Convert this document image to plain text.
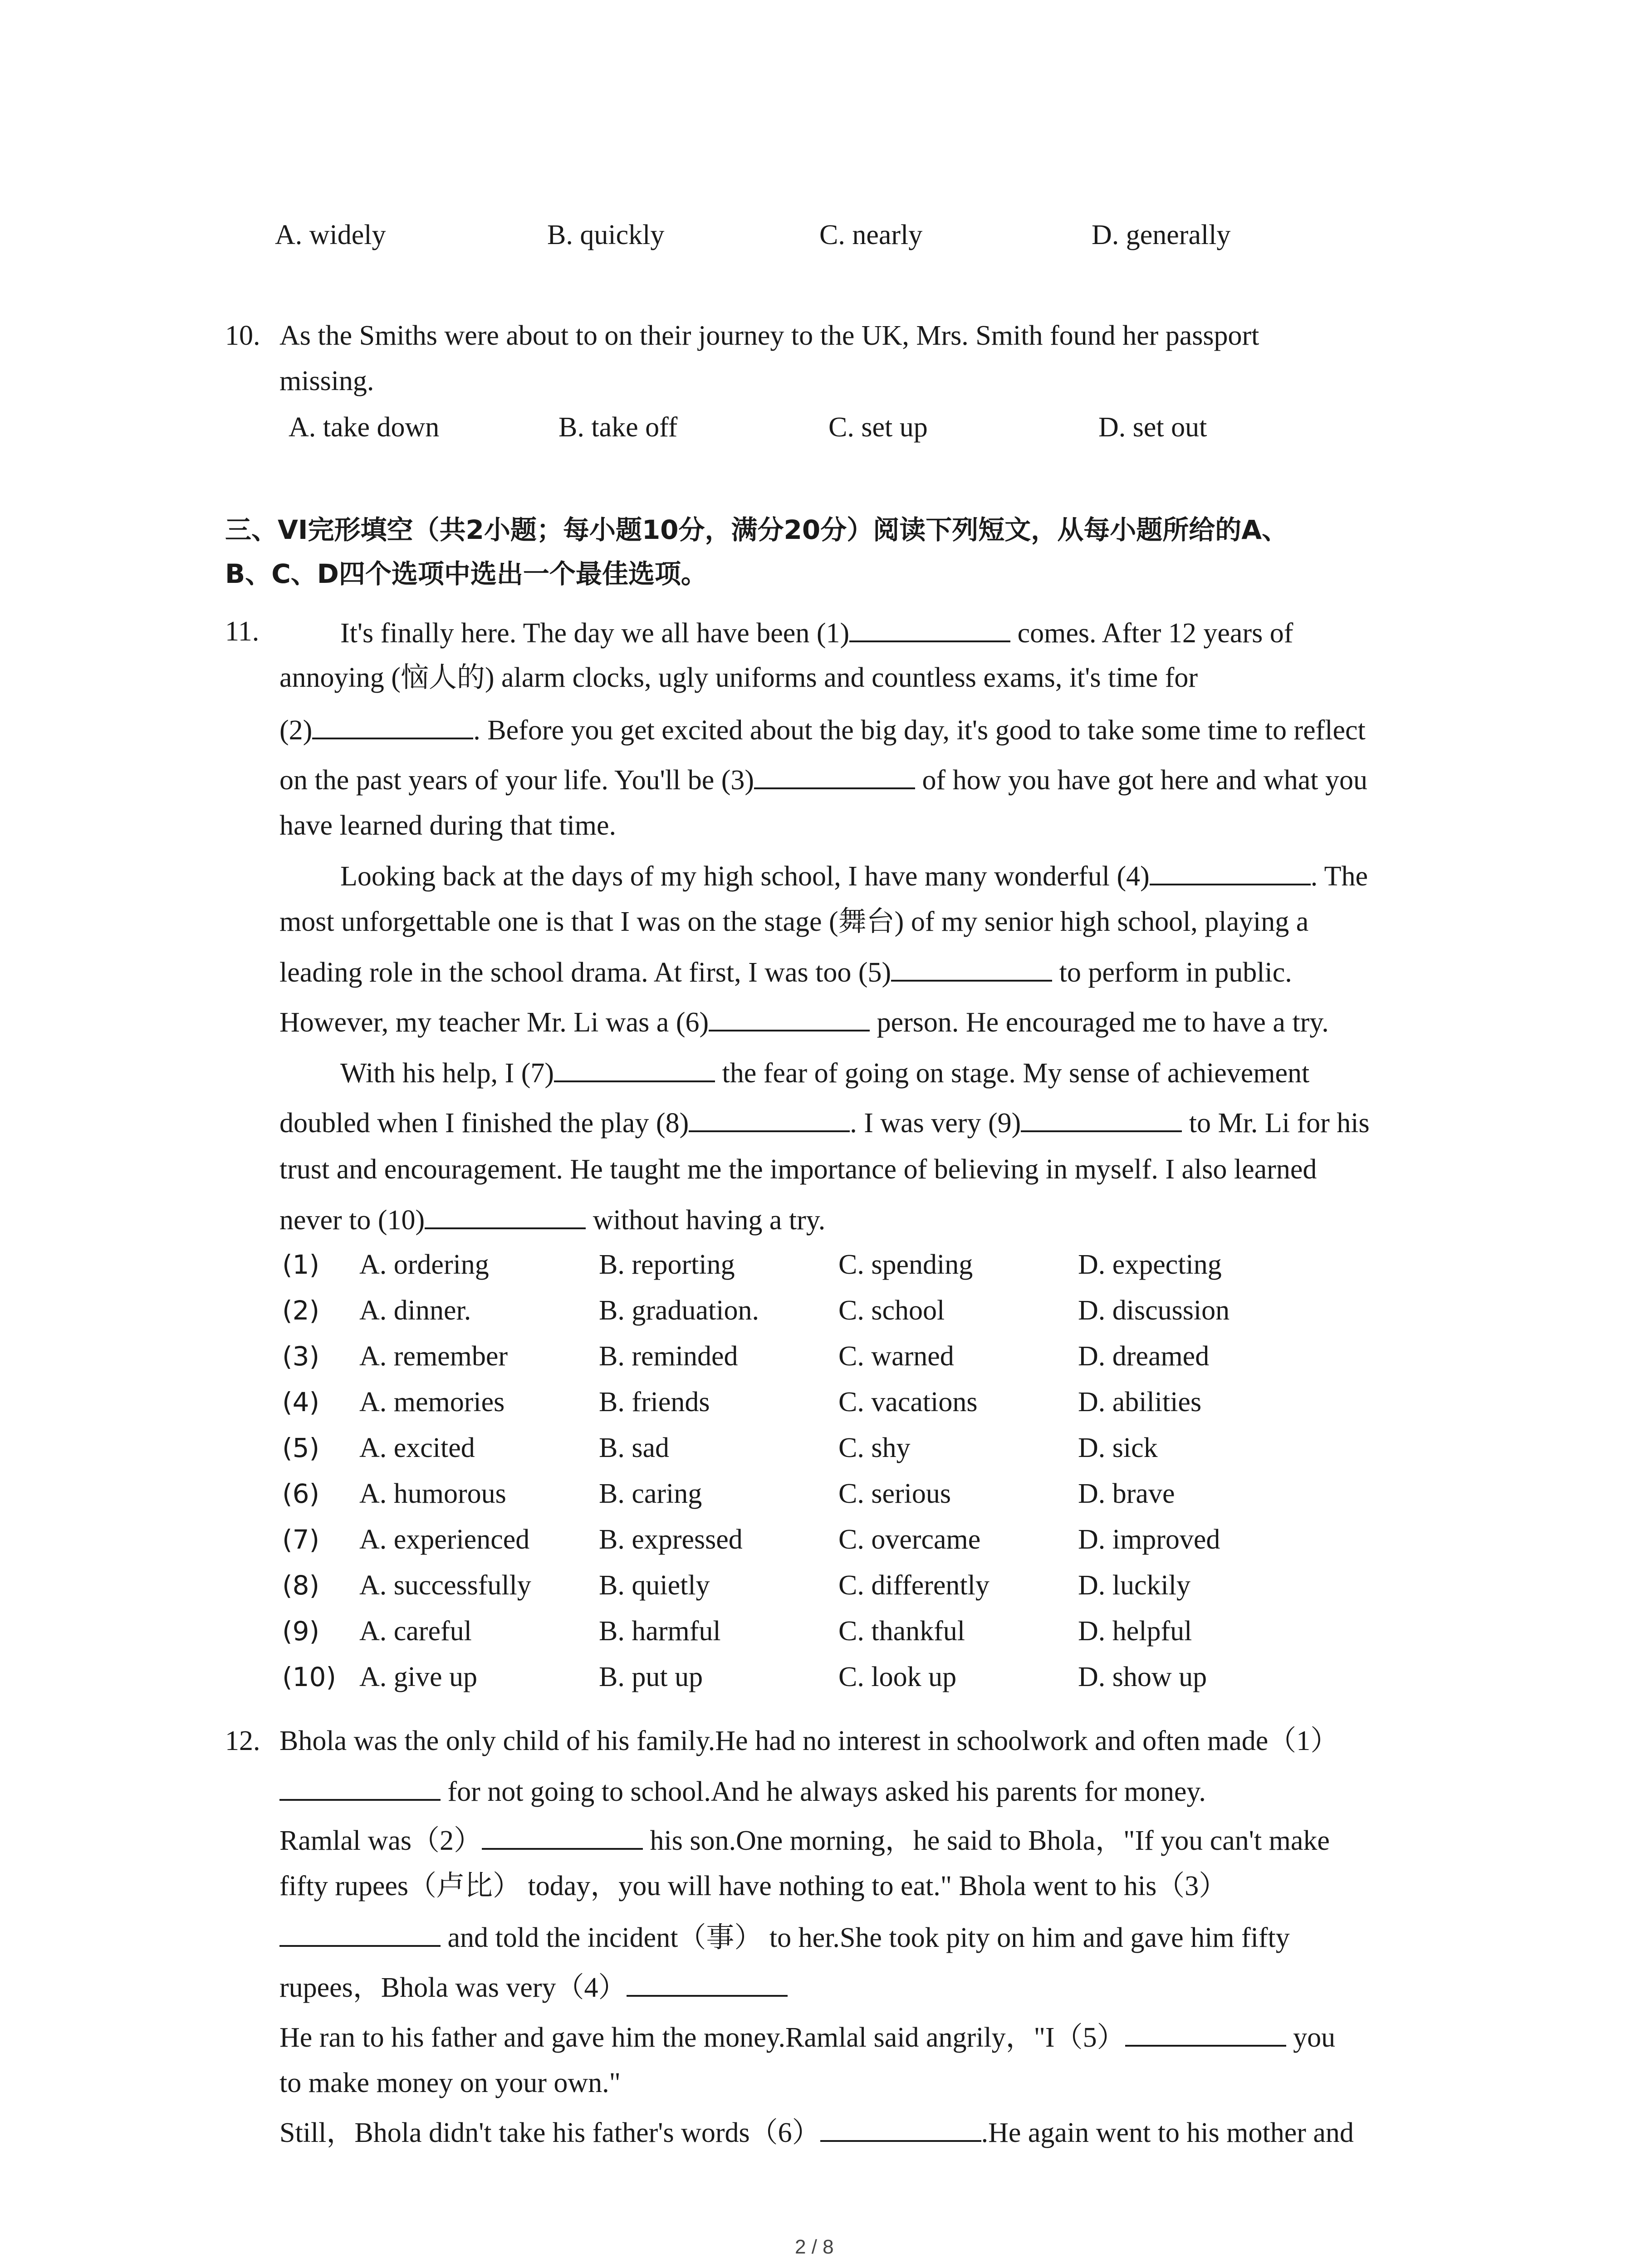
A. widely	B. quickly	C. nearly	D. generally
10. As the Smiths were about to on their journey to the UK, Mrs. Smith found her passport
missing.
A. take down	B. take off	C. set up	D. set out
三、VI完形填空（共2小题；每小题10分，满分20分）阅读下列短文，从每小题所给的A、
B、C、D四个选项中选出一个最佳选项。
11.	It's finally here. The day we all have been (1)	comes. After 12 years of
annoying (恼人的) alarm clocks, ugly uniforms and countless exams, it's time for
(2)	. Before you get excited about the big day, it's good to take some time to reflect
on the past years of your life. You'll be (3)	of how you have got here and what you
have learned during that time.
Looking back at the days of my high school, I have many wonderful (4)	. The
most unforgettable one is that I was on the stage (舞台) of my senior high school, playing a
leading role in the school drama. At first, I was too (5)	to perform in public.
However, my teacher Mr. Li was a (6)	person. He encouraged me to have a try.
With his help, I (7)	the fear of going on stage. My sense of achievement
doubled when I finished the play (8)	. I was very (9)	to Mr. Li for his
trust and encouragement. He taught me the importance of believing in myself. I also learned
never to (10)	without having a try.
(1) A. ordering	B. reporting	C. spending	D. expecting
(2) A. dinner.	B. graduation.	C. school	D. discussion
(3) A. remember	B. reminded	C. warned	D. dreamed
(4) A. memories	B. friends	C. vacations	D. abilities
(5) A. excited	B. sad	C. shy	D. sick
(6) A. humorous	B. caring	C. serious	D. brave
(7) A. experienced B. expressed	C. overcame	D. improved
(8) A. successfully B. quietly	C. differently	D. luckily
(9) A. careful	B. harmful	C. thankful	D. helpful
(10) A. give up	B. put up	C. look up	D. show up
12. Bhola was the only child of his family.He had no interest in schoolwork and often made（1）
for not going to school.And he always asked his parents for money.
Ramlal was（2）	his son.One morning，he said to Bhola，"If you can't make
fifty rupees（卢比） today，you will have nothing to eat." Bhola went to his（3）
and told the incident（事） to her.She took pity on him and gave him fifty
rupees，Bhola was very（4）
He ran to his father and gave him the money.Ramlal said angrily，"I（5）	you
to make money on your own."
Still，Bhola didn't take his father's words（6）	.He again went to his mother and
2 / 8
